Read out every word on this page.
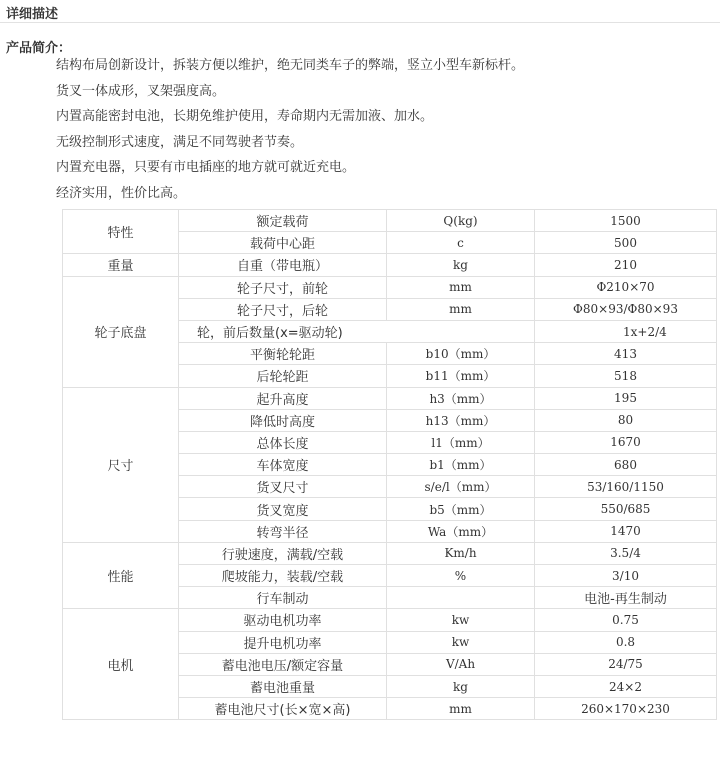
详细描述
产品简介：
结构布局创新设计，拆装方便以维护，绝无同类车子的弊端，竖立小型车新标杆。
货叉一体成形，叉架强度高。
内置高能密封电池，长期免维护使用，寿命期内无需加液、加水。
无级控制形式速度，满足不同驾驶者节奏。
内置充电器，只要有市电插座的地方就可就近充电。
经济实用，性价比高。
特性	额定载荷	Q(kg)	1500
	载荷中心距	c	500
重量	自重（带电瓶）	kg	210
轮子底盘	轮子尺寸，前轮	mm	Φ210×70
	轮子尺寸，后轮	mm	Φ80×93/Φ80×93
	轮，前后数量(x=驱动轮)		1x+2/4
	平衡轮轮距	b10（mm）	413
	后轮轮距	b11（mm）	518
尺寸	起升高度	h3（mm）	195
	降低时高度	h13（mm）	80
	总体长度	l1（mm）	1670
	车体宽度	b1（mm）	680
	货叉尺寸	s/e/l（mm）	53/160/1150
	货叉宽度	b5（mm）	550/685
	转弯半径	Wa（mm）	1470
性能	行驶速度，满载/空载	Km/h	3.5/4
	爬坡能力，装载/空载	%	3/10
	行车制动		电池-再生制动
电机	驱动电机功率	kw	0.75
	提升电机功率	kw	0.8
	蓄电池电压/额定容量	V/Ah	24/75
	蓄电池重量	kg	24×2
	蓄电池尺寸(长×宽×高)	mm	260×170×230
